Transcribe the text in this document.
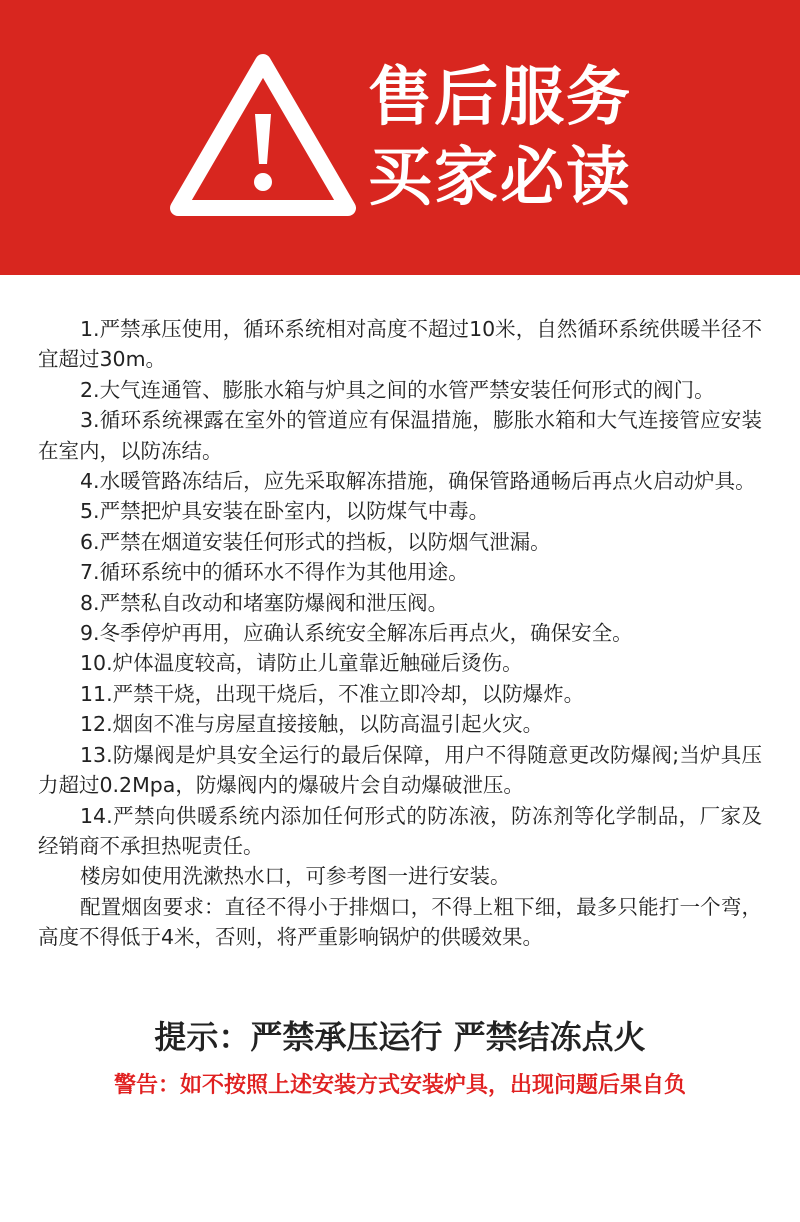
售后服务
买家必读

1.严禁承压使用，循环系统相对高度不超过10米，自然循环系统供暖半径不宜超过30m。

2.大气连通管、膨胀水箱与炉具之间的水管严禁安装任何形式的阀门。

3.循环系统裸露在室外的管道应有保温措施，膨胀水箱和大气连接管应安装在室内，以防冻结。

4.水暖管路冻结后，应先采取解冻措施，确保管路通畅后再点火启动炉具。

5.严禁把炉具安装在卧室内，以防煤气中毒。

6.严禁在烟道安装任何形式的挡板，以防烟气泄漏。

7.循环系统中的循环水不得作为其他用途。

8.严禁私自改动和堵塞防爆阀和泄压阀。

9.冬季停炉再用，应确认系统安全解冻后再点火，确保安全。

10.炉体温度较高，请防止儿童靠近触碰后烫伤。

11.严禁干烧，出现干烧后，不准立即冷却，以防爆炸。

12.烟囱不准与房屋直接接触，以防高温引起火灾。

13.防爆阀是炉具安全运行的最后保障，用户不得随意更改防爆阀;当炉具压力超过0.2Mpa，防爆阀内的爆破片会自动爆破泄压。

14.严禁向供暖系统内添加任何形式的防冻液，防冻剂等化学制品，厂家及经销商不承担热呢责任。

楼房如使用洗漱热水口，可参考图一进行安装。

配置烟囱要求：直径不得小于排烟口，不得上粗下细，最多只能打一个弯，高度不得低于4米，否则，将严重影响锅炉的供暖效果。

提示：严禁承压运行 严禁结冻点火
警告：如不按照上述安装方式安装炉具，出现问题后果自负
